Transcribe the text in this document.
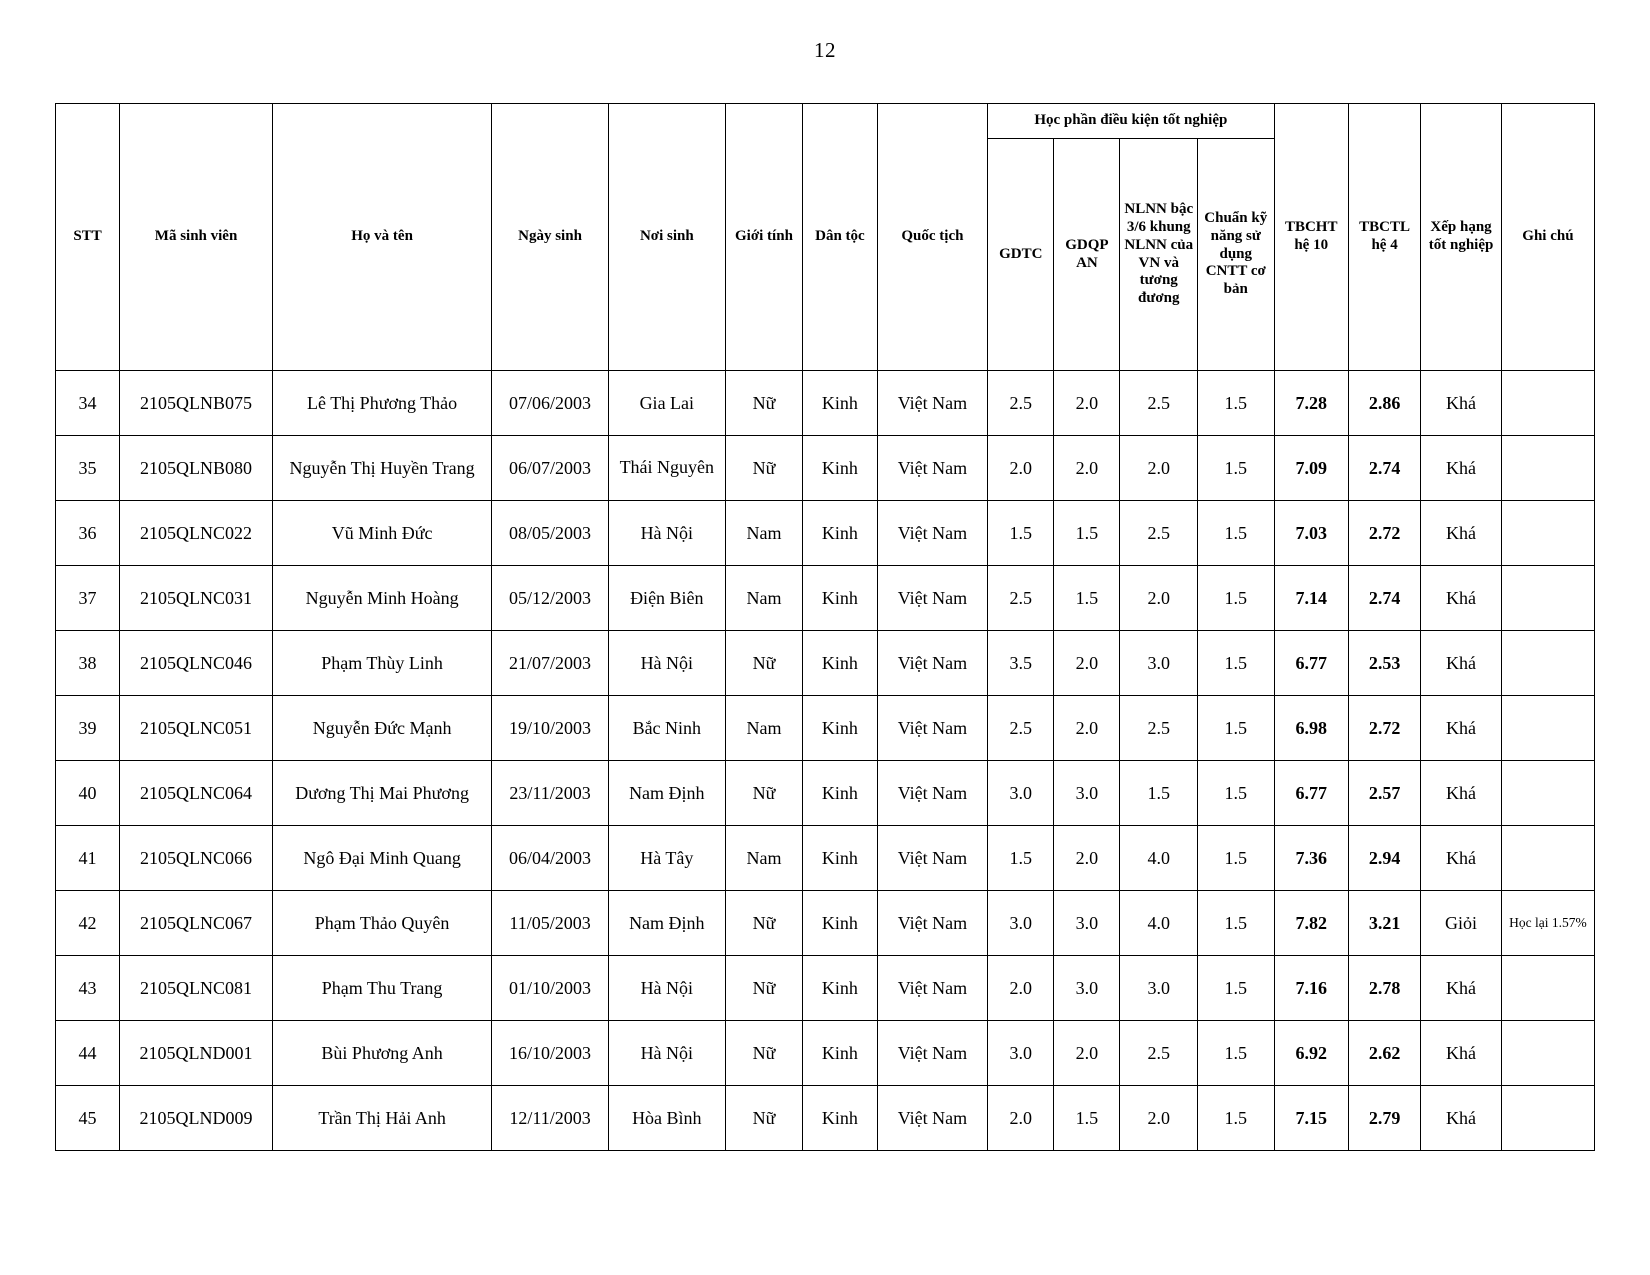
12
STT	Mã sinh viên	Họ và tên	Ngày sinh	Nơi sinh	Giới tính	Dân tộc	Quốc tịch	Học phần điều kiện tốt nghiệp				TBCHT hệ 10	TBCTL hệ 4	Xếp hạng tốt nghiệp	Ghi chú
								GDTC	GDQP AN	NLNN bậc 3/6 khung NLNN của VN và tương đương	Chuẩn kỹ năng sử dụng CNTT cơ bản				
34	2105QLNB075	Lê Thị Phương Thảo	07/06/2003	Gia Lai	Nữ	Kinh	Việt Nam	2.5	2.0	2.5	1.5	7.28	2.86	Khá	
35	2105QLNB080	Nguyễn Thị Huyền Trang	06/07/2003	Thái Nguyên	Nữ	Kinh	Việt Nam	2.0	2.0	2.0	1.5	7.09	2.74	Khá	
36	2105QLNC022	Vũ Minh Đức	08/05/2003	Hà Nội	Nam	Kinh	Việt Nam	1.5	1.5	2.5	1.5	7.03	2.72	Khá	
37	2105QLNC031	Nguyễn Minh Hoàng	05/12/2003	Điện Biên	Nam	Kinh	Việt Nam	2.5	1.5	2.0	1.5	7.14	2.74	Khá	
38	2105QLNC046	Phạm Thùy Linh	21/07/2003	Hà Nội	Nữ	Kinh	Việt Nam	3.5	2.0	3.0	1.5	6.77	2.53	Khá	
39	2105QLNC051	Nguyễn Đức Mạnh	19/10/2003	Bắc Ninh	Nam	Kinh	Việt Nam	2.5	2.0	2.5	1.5	6.98	2.72	Khá	
40	2105QLNC064	Dương Thị Mai Phương	23/11/2003	Nam Định	Nữ	Kinh	Việt Nam	3.0	3.0	1.5	1.5	6.77	2.57	Khá	
41	2105QLNC066	Ngô Đại Minh Quang	06/04/2003	Hà Tây	Nam	Kinh	Việt Nam	1.5	2.0	4.0	1.5	7.36	2.94	Khá	
42	2105QLNC067	Phạm Thảo Quyên	11/05/2003	Nam Định	Nữ	Kinh	Việt Nam	3.0	3.0	4.0	1.5	7.82	3.21	Giỏi	Học lại 1.57%
43	2105QLNC081	Phạm Thu Trang	01/10/2003	Hà Nội	Nữ	Kinh	Việt Nam	2.0	3.0	3.0	1.5	7.16	2.78	Khá	
44	2105QLND001	Bùi Phương Anh	16/10/2003	Hà Nội	Nữ	Kinh	Việt Nam	3.0	2.0	2.5	1.5	6.92	2.62	Khá	
45	2105QLND009	Trần Thị Hải Anh	12/11/2003	Hòa Bình	Nữ	Kinh	Việt Nam	2.0	1.5	2.0	1.5	7.15	2.79	Khá	
